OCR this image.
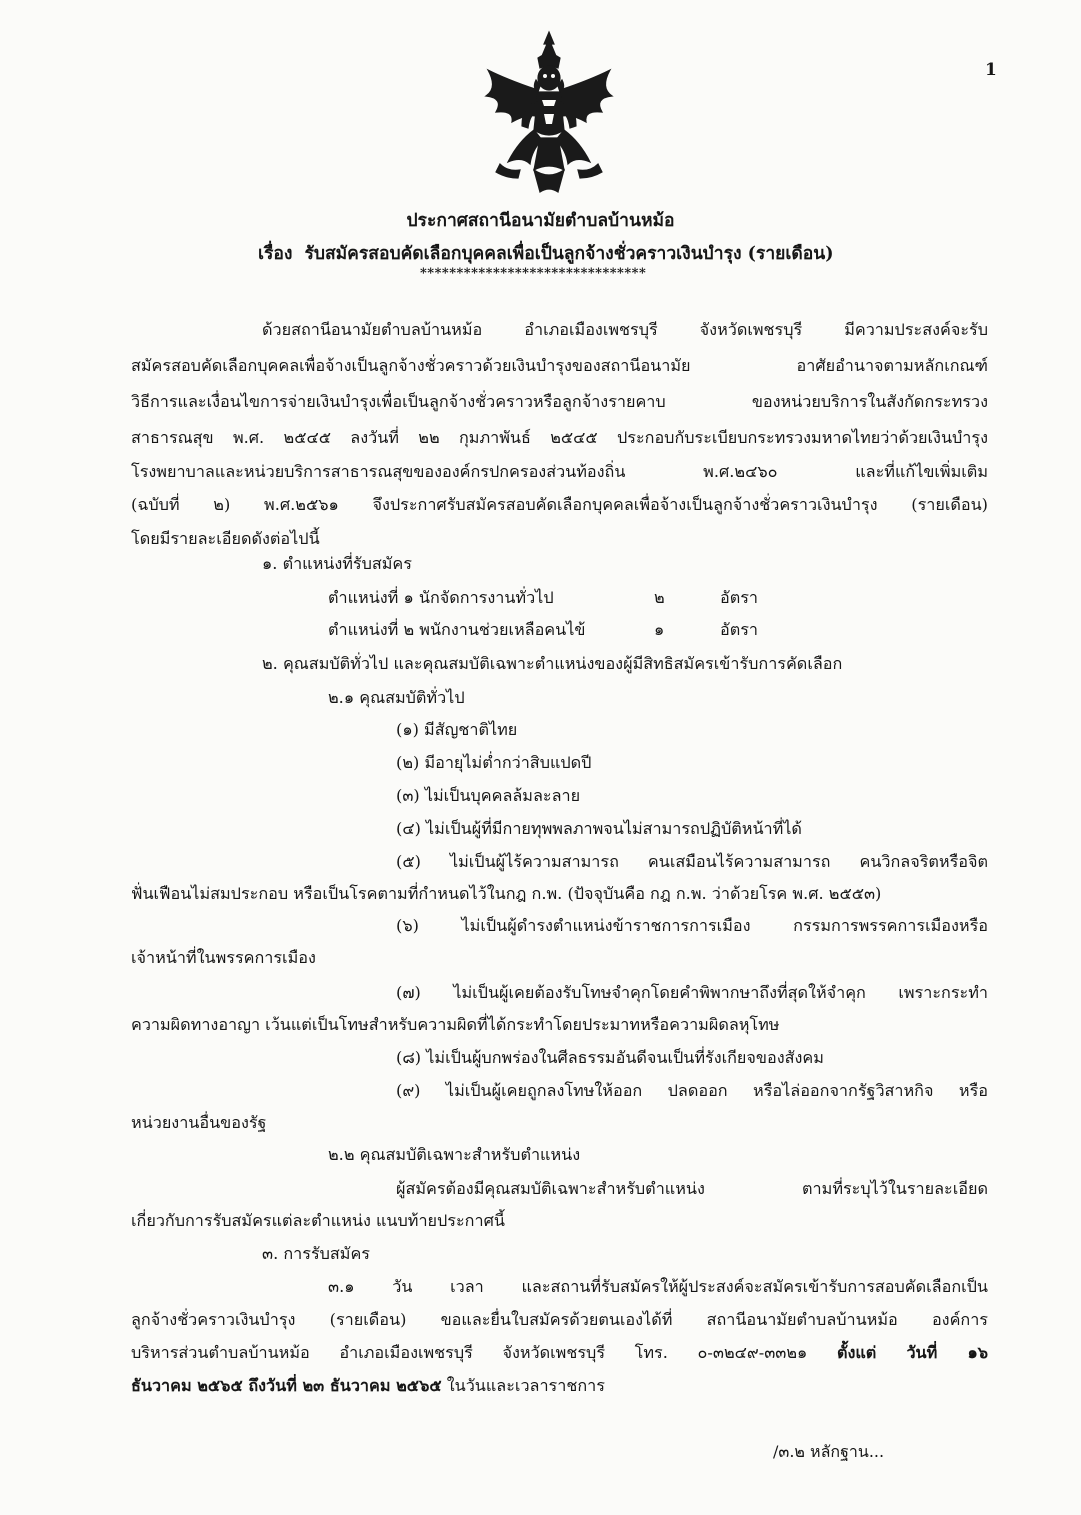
1
ประกาศสถานีอนามัยตำบลบ้านหม้อ
เรื่อง รับสมัครสอบคัดเลือกบุคคลเพื่อเป็นลูกจ้างชั่วคราวเงินบำรุง (รายเดือน)
*******************************
ด้วยสถานีอนามัยตำบลบ้านหม้อ อำเภอเมืองเพชรบุรี จังหวัดเพชรบุรี มีความประสงค์จะรับ
สมัครสอบคัดเลือกบุคคลเพื่อจ้างเป็นลูกจ้างชั่วคราวด้วยเงินบำรุงของสถานีอนามัย อาศัยอำนาจตามหลักเกณฑ์
วิธีการและเงื่อนไขการจ่ายเงินบำรุงเพื่อเป็นลูกจ้างชั่วคราวหรือลูกจ้างรายคาบ ของหน่วยบริการในสังกัดกระทรวง
สาธารณสุข พ.ศ. ๒๕๔๕ ลงวันที่ ๒๒ กุมภาพันธ์ ๒๕๔๕ ประกอบกับระเบียบกระทรวงมหาดไทยว่าด้วยเงินบำรุง
โรงพยาบาลและหน่วยบริการสาธารณสุขขององค์กรปกครองส่วนท้องถิ่น พ.ศ.๒๔๖๐ และที่แก้ไขเพิ่มเติม
(ฉบับที่ ๒) พ.ศ.๒๕๖๑ จึงประกาศรับสมัครสอบคัดเลือกบุคคลเพื่อจ้างเป็นลูกจ้างชั่วคราวเงินบำรุง (รายเดือน)
โดยมีรายละเอียดดังต่อไปนี้
๑. ตำแหน่งที่รับสมัคร
ตำแหน่งที่ ๑ นักจัดการงานทั่วไป	๒	อัตรา
ตำแหน่งที่ ๒ พนักงานช่วยเหลือคนไข้	๑	อัตรา
๒. คุณสมบัติทั่วไป และคุณสมบัติเฉพาะตำแหน่งของผู้มีสิทธิสมัครเข้ารับการคัดเลือก
๒.๑ คุณสมบัติทั่วไป
(๑) มีสัญชาติไทย
(๒) มีอายุไม่ต่ำกว่าสิบแปดปี
(๓) ไม่เป็นบุคคลล้มละลาย
(๔) ไม่เป็นผู้ที่มีกายทุพพลภาพจนไม่สามารถปฏิบัติหน้าที่ได้
(๕) ไม่เป็นผู้ไร้ความสามารถ คนเสมือนไร้ความสามารถ คนวิกลจริตหรือจิต
ฟั่นเฟือนไม่สมประกอบ หรือเป็นโรคตามที่กำหนดไว้ในกฎ ก.พ. (ปัจจุบันคือ กฎ ก.พ. ว่าด้วยโรค พ.ศ. ๒๕๕๓)
(๖) ไม่เป็นผู้ดำรงตำแหน่งข้าราชการการเมือง กรรมการพรรคการเมืองหรือ
เจ้าหน้าที่ในพรรคการเมือง
(๗) ไม่เป็นผู้เคยต้องรับโทษจำคุกโดยคำพิพากษาถึงที่สุดให้จำคุก เพราะกระทำ
ความผิดทางอาญา เว้นแต่เป็นโทษสำหรับความผิดที่ได้กระทำโดยประมาทหรือความผิดลหุโทษ
(๘) ไม่เป็นผู้บกพร่องในศีลธรรมอันดีจนเป็นที่รังเกียจของสังคม
(๙) ไม่เป็นผู้เคยถูกลงโทษให้ออก ปลดออก หรือไล่ออกจากรัฐวิสาหกิจ หรือ
หน่วยงานอื่นของรัฐ
๒.๒ คุณสมบัติเฉพาะสำหรับตำแหน่ง
ผู้สมัครต้องมีคุณสมบัติเฉพาะสำหรับตำแหน่ง ตามที่ระบุไว้ในรายละเอียด
เกี่ยวกับการรับสมัครแต่ละตำแหน่ง แนบท้ายประกาศนี้
๓. การรับสมัคร
๓.๑ วัน เวลา และสถานที่รับสมัครให้ผู้ประสงค์จะสมัครเข้ารับการสอบคัดเลือกเป็น
ลูกจ้างชั่วคราวเงินบำรุง (รายเดือน) ขอและยื่นใบสมัครด้วยตนเองได้ที่ สถานีอนามัยตำบลบ้านหม้อ องค์การ
บริหารส่วนตำบลบ้านหม้อ อำเภอเมืองเพชรบุรี จังหวัดเพชรบุรี โทร. ๐-๓๒๔๙-๓๓๒๑ ตั้งแต่ วันที่ ๑๖
ธันวาคม ๒๕๖๕ ถึงวันที่ ๒๓ ธันวาคม ๒๕๖๕ ในวันและเวลาราชการ
/๓.๒ หลักฐาน...
